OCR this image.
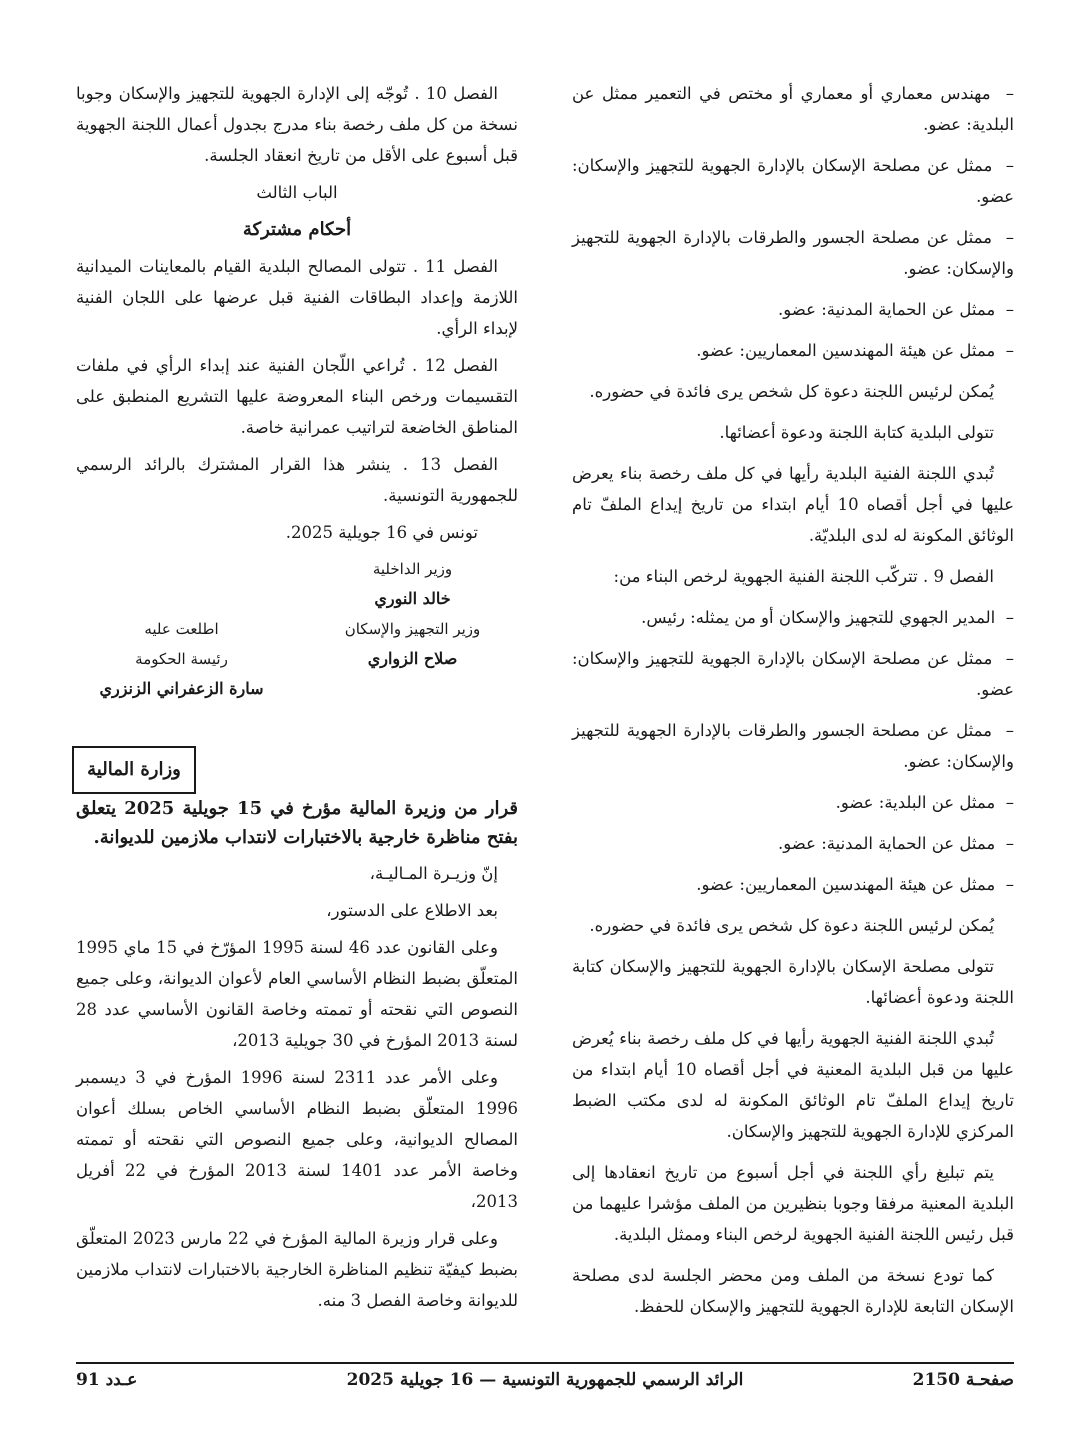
–  مهندس معماري أو معماري أو مختص في التعمير ممثل عن البلدية: عضو.

–  ممثل عن مصلحة الإسكان بالإدارة الجهوية للتجهيز والإسكان: عضو.

–  ممثل عن مصلحة الجسور والطرقات بالإدارة الجهوية للتجهيز والإسكان: عضو.

–  ممثل عن الحماية المدنية: عضو.

–  ممثل عن هيئة المهندسين المعماريين: عضو.

يُمكن لرئيس اللجنة دعوة كل شخص يرى فائدة في حضوره.

تتولى البلدية كتابة اللجنة ودعوة أعضائها.

تُبدي اللجنة الفنية البلدية رأيها في كل ملف رخصة بناء يعرض عليها في أجل أقصاه 10 أيام ابتداء من تاريخ إيداع الملفّ تام الوثائق المكونة له لدى البلديّة.

الفصل 9 . تتركّب اللجنة الفنية الجهوية لرخص البناء من:

–  المدير الجهوي للتجهيز والإسكان أو من يمثله: رئيس.

–  ممثل عن مصلحة الإسكان بالإدارة الجهوية للتجهيز والإسكان: عضو.

–  ممثل عن مصلحة الجسور والطرقات بالإدارة الجهوية للتجهيز والإسكان: عضو.

–  ممثل عن البلدية: عضو.

–  ممثل عن الحماية المدنية: عضو.

–  ممثل عن هيئة المهندسين المعماريين: عضو.

يُمكن لرئيس اللجنة دعوة كل شخص يرى فائدة في حضوره.

تتولى مصلحة الإسكان بالإدارة الجهوية للتجهيز والإسكان كتابة اللجنة ودعوة أعضائها.

تُبدي اللجنة الفنية الجهوية رأيها في كل ملف رخصة بناء يُعرض عليها من قبل البلدية المعنية في أجل أقصاه 10 أيام ابتداء من تاريخ إيداع الملفّ تام الوثائق المكونة له لدى مكتب الضبط المركزي للإدارة الجهوية للتجهيز والإسكان.

يتم تبليغ رأي اللجنة في أجل أسبوع من تاريخ انعقادها إلى البلدية المعنية مرفقا وجوبا بنظيرين من الملف مؤشرا عليهما من قبل رئيس اللجنة الفنية الجهوية لرخص البناء وممثل البلدية.

كما تودع نسخة من الملف ومن محضر الجلسة لدى مصلحة الإسكان التابعة للإدارة الجهوية للتجهيز والإسكان للحفظ.

الفصل 10 . تُوجّه إلى الإدارة الجهوية للتجهيز والإسكان وجوبا نسخة من كل ملف رخصة بناء مدرج بجدول أعمال اللجنة الجهوية قبل أسبوع على الأقل من تاريخ انعقاد الجلسة.

الباب الثالث

أحكام مشتركة

الفصل 11 . تتولى المصالح البلدية القيام بالمعاينات الميدانية اللازمة وإعداد البطاقات الفنية قبل عرضها على اللجان الفنية لإبداء الرأي.

الفصل 12 . تُراعي اللّجان الفنية عند إبداء الرأي في ملفات التقسيمات ورخص البناء المعروضة عليها التشريع المنطبق على المناطق الخاضعة لتراتيب عمرانية خاصة.

الفصل 13 . ينشر هذا القرار المشترك بالرائد الرسمي للجمهورية التونسية.

تونس في 16 جويلية 2025.

وزير الداخلية
خالد النوري
وزير التجهيز والإسكان
صلاح الزواري
اطلعت عليه
رئيسة الحكومة
سارة الزعفراني الزنزري
وزارة المالية

قرار من وزيرة المالية مؤرخ في 15 جويلية 2025 يتعلق بفتح مناظرة خارجية بالاختبارات لانتداب ملازمين للديوانة.

إنّ وزيـرة المـاليـة،

بعد الاطلاع على الدستور،

وعلى القانون عدد 46 لسنة 1995 المؤرّخ في 15 ماي 1995 المتعلّق بضبط النظام الأساسي العام لأعوان الديوانة، وعلى جميع النصوص التي نقحته أو تممته وخاصة القانون الأساسي عدد 28 لسنة 2013 المؤرخ في 30 جويلية 2013،

وعلى الأمر عدد 2311 لسنة 1996 المؤرخ في 3 ديسمبر 1996 المتعلّق بضبط النظام الأساسي الخاص بسلك أعوان المصالح الديوانية، وعلى جميع النصوص التي نقحته أو تممته وخاصة الأمر عدد 1401 لسنة 2013 المؤرخ في 22 أفريل 2013،

وعلى قرار وزيرة المالية المؤرخ في 22 مارس 2023 المتعلّق بضبط كيفيّة تنظيم المناظرة الخارجية بالاختبارات لانتداب ملازمين للديوانة وخاصة الفصل 3 منه.

صفحـة 2150
الرائد الرسمي للجمهورية التونسية — 16 جويلية 2025
عـدد 91
